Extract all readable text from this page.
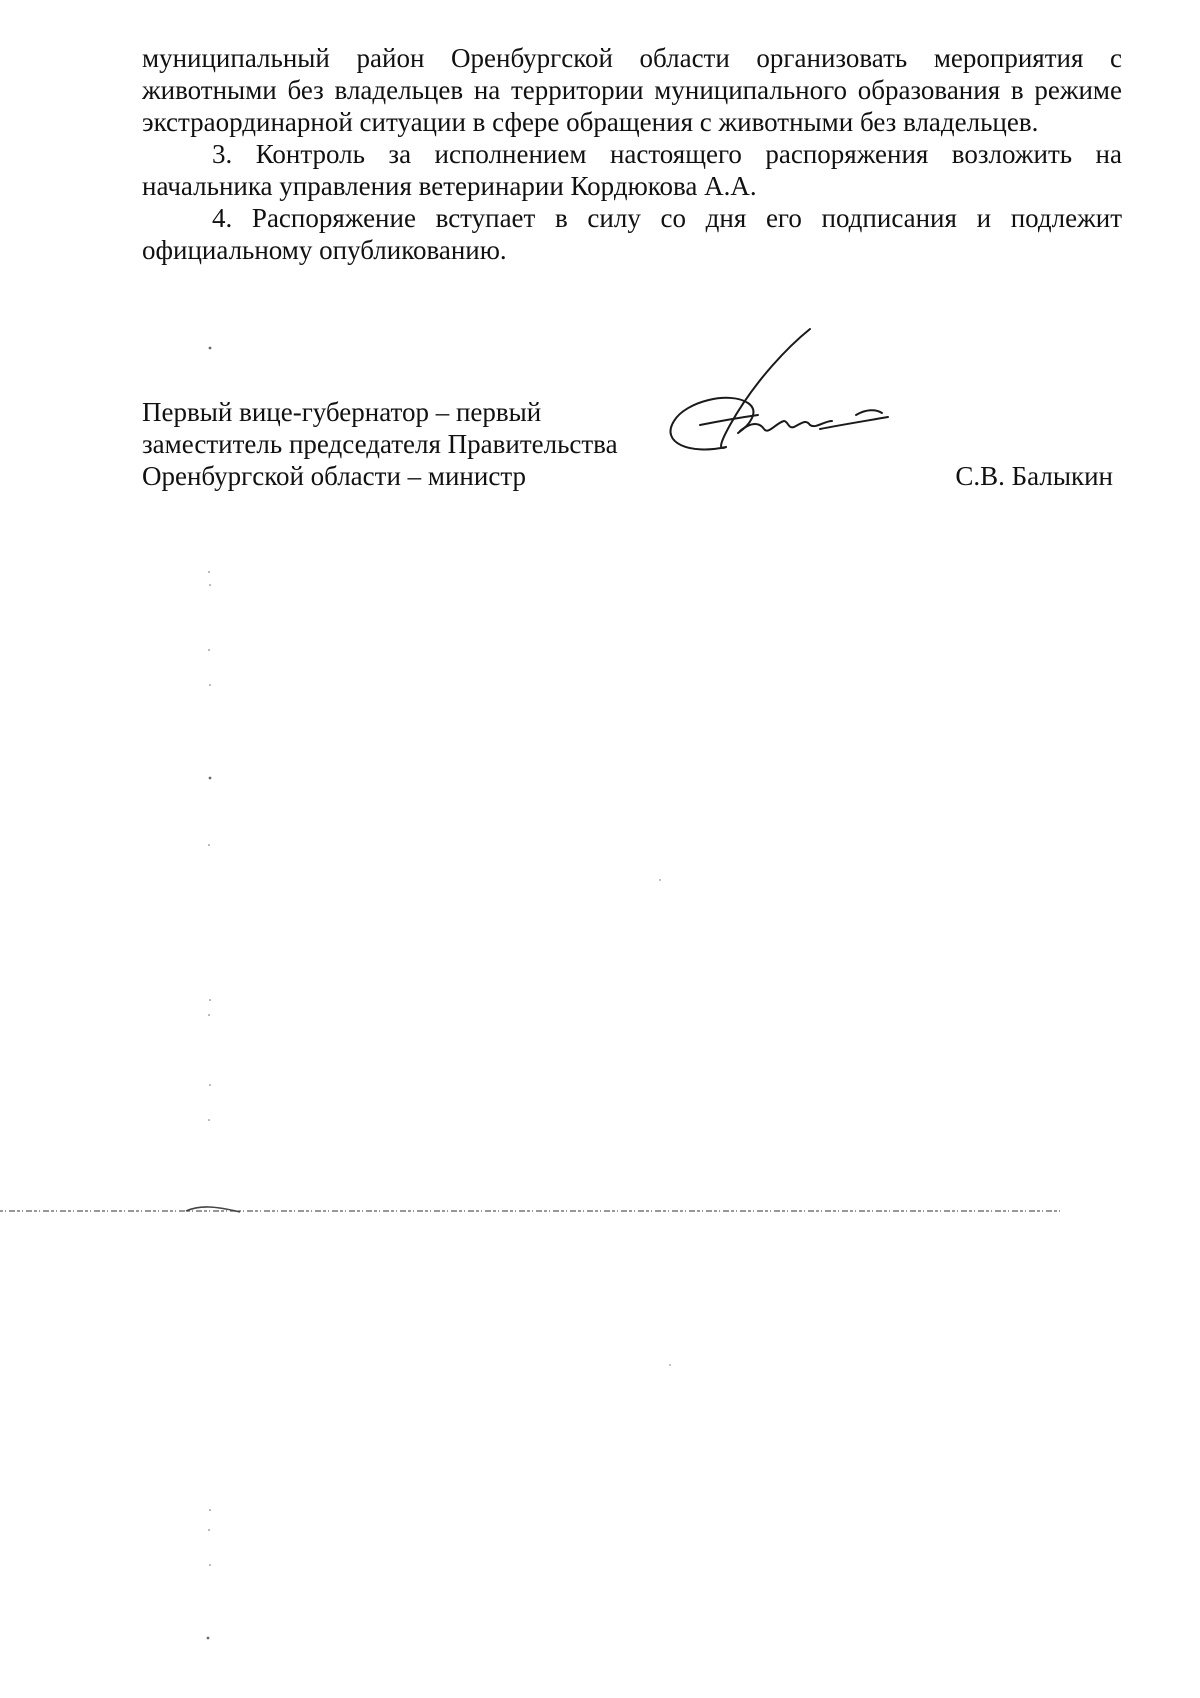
муниципальный район Оренбургской области организовать мероприятия с животными без владельцев на территории муниципального образования в режиме экстраординарной ситуации в сфере обращения с животными без владельцев.

3. Контроль за исполнением настоящего распоряжения возложить на начальника управления ветеринарии Кордюкова А.А.

4. Распоряжение вступает в силу со дня его подписания и подлежит официальному опубликованию.

Первый вице-губернатор – первый
заместитель председателя Правительства
Оренбургской области – министр	С.В. Балыкин
